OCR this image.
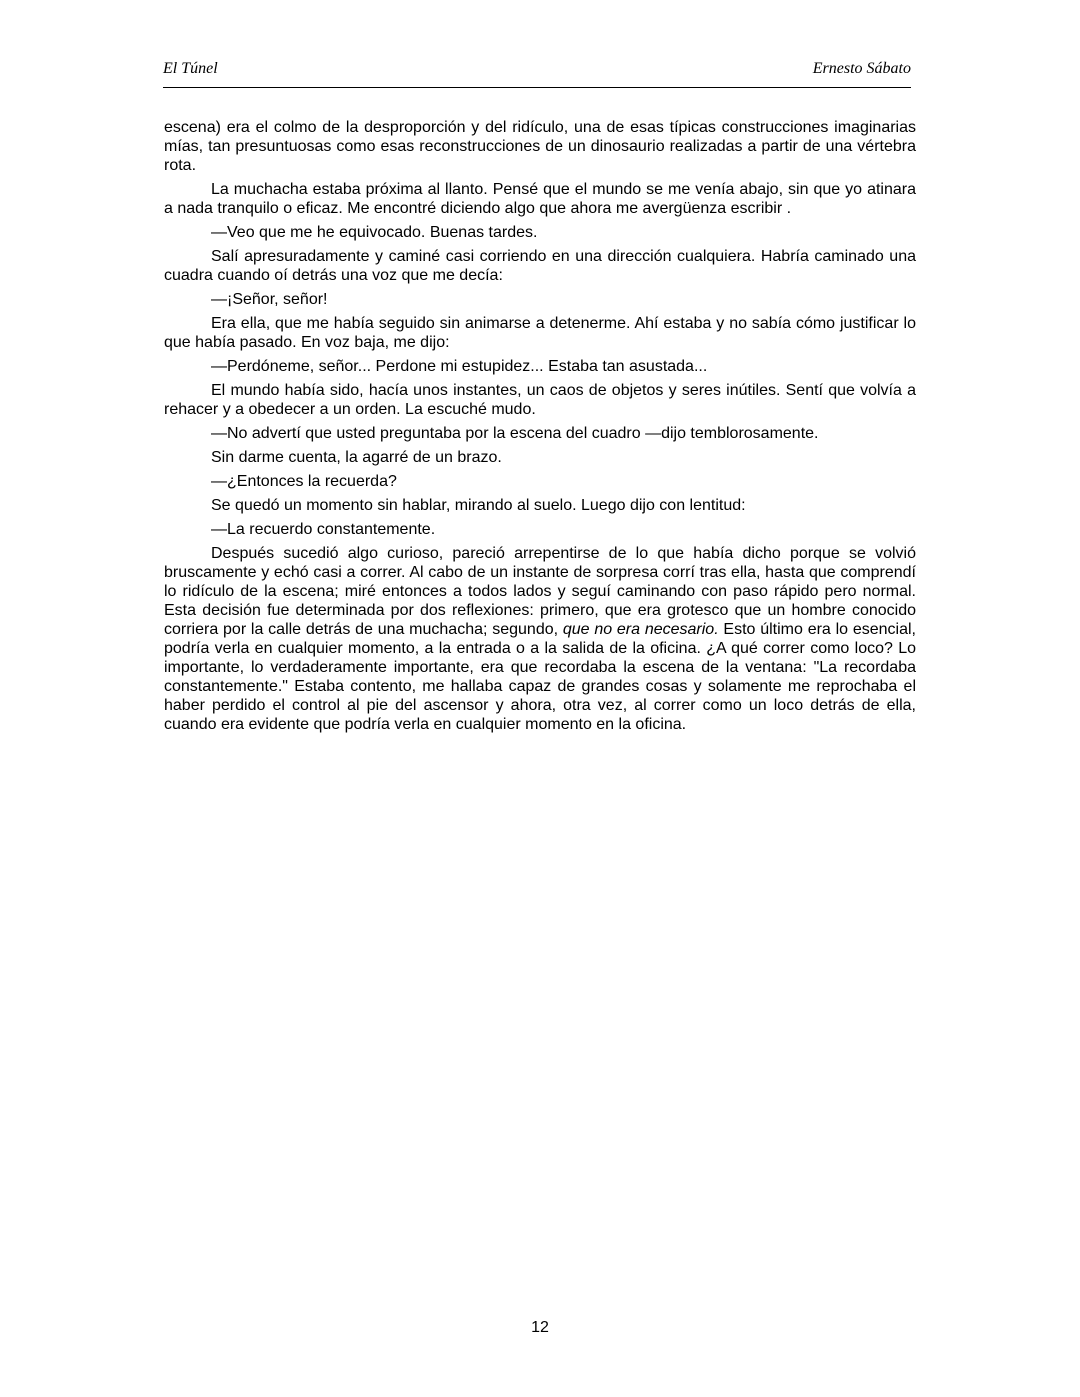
El Túnel	Ernesto Sábato

escena) era el colmo de la desproporción y del ridículo, una de esas típicas construcciones imaginarias mías, tan presuntuosas como esas reconstrucciones de un dinosaurio realizadas a partir de una vértebra rota.

La muchacha estaba próxima al llanto. Pensé que el mundo se me venía abajo, sin que yo atinara a nada tranquilo o eficaz. Me encontré diciendo algo que ahora me avergüenza escribir .

—Veo que me he equivocado. Buenas tardes.

Salí apresuradamente y caminé casi corriendo en una dirección cualquiera. Habría caminado una cuadra cuando oí detrás una voz que me decía:

—¡Señor, señor!

Era ella, que me había seguido sin animarse a detenerme. Ahí estaba y no sabía cómo justificar lo que había pasado. En voz baja, me dijo:

—Perdóneme, señor... Perdone mi estupidez... Estaba tan asustada...

El mundo había sido, hacía unos instantes, un caos de objetos y seres inútiles. Sentí que volvía a rehacer y a obedecer a un orden. La escuché mudo.

—No advertí que usted preguntaba por la escena del cuadro —dijo temblorosamente.

Sin darme cuenta, la agarré de un brazo.

—¿Entonces la recuerda?

Se quedó un momento sin hablar, mirando al suelo. Luego dijo con lentitud:

—La recuerdo constantemente.

Después sucedió algo curioso, pareció arrepentirse de lo que había dicho porque se volvió bruscamente y echó casi a correr. Al cabo de un instante de sorpresa corrí tras ella, hasta que comprendí lo ridículo de la escena; miré entonces a todos lados y seguí caminando con paso rápido pero normal. Esta decisión fue determinada por dos reflexiones: primero, que era grotesco que un hombre conocido corriera por la calle detrás de una muchacha; segundo, que no era necesario. Esto último era lo esencial, podría verla en cualquier momento, a la entrada o a la salida de la oficina. ¿A qué correr como loco? Lo importante, lo verdaderamente importante, era que recordaba la escena de la ventana: "La recordaba constantemente." Estaba contento, me hallaba capaz de grandes cosas y solamente me reprochaba el haber perdido el control al pie del ascensor y ahora, otra vez, al correr como un loco detrás de ella, cuando era evidente que podría verla en cualquier momento en la oficina.

12
